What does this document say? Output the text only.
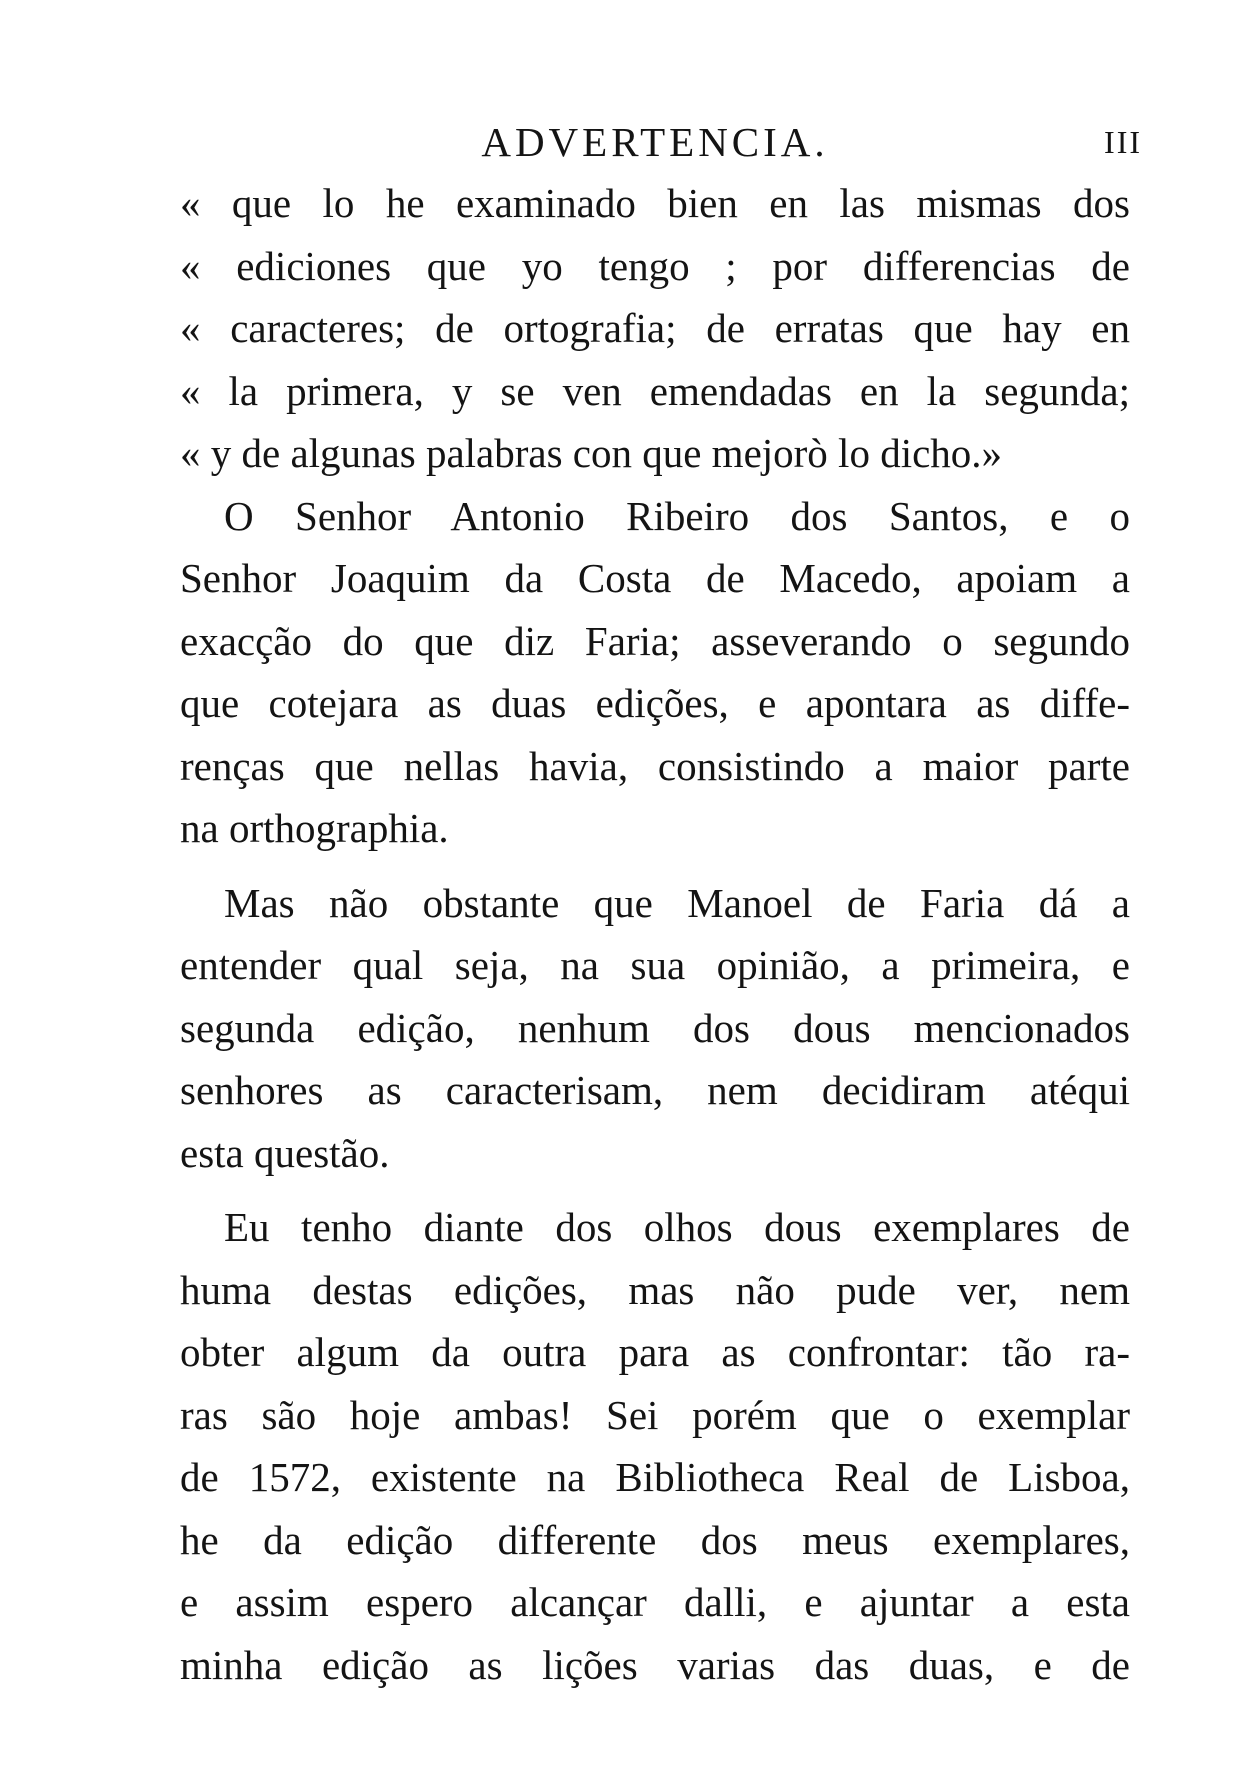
ADVERTENCIA.	III
« que lo he examinado bien en las mismas dos
« ediciones que yo tengo ; por differencias de
« caracteres; de ortografia; de erratas que hay en
« la primera, y se ven emendadas en la segunda;
« y de algunas palabras con que mejorò lo dicho.»
O Senhor Antonio Ribeiro dos Santos, e o
Senhor Joaquim da Costa de Macedo, apoiam a
exacção do que diz Faria; asseverando o segundo
que cotejara as duas edições, e apontara as diffe-
renças que nellas havia, consistindo a maior parte
na orthographia.
Mas não obstante que Manoel de Faria dá a
entender qual seja, na sua opinião, a primeira, e
segunda edição, nenhum dos dous mencionados
senhores as caracterisam, nem decidiram atéqui
esta questão.
Eu tenho diante dos olhos dous exemplares de
huma destas edições, mas não pude ver, nem
obter algum da outra para as confrontar: tão ra-
ras são hoje ambas! Sei porém que o exemplar
de 1572, existente na Bibliotheca Real de Lisboa,
he da edição differente dos meus exemplares,
e assim espero alcançar dalli, e ajuntar a esta
minha edição as lições varias das duas, e de
